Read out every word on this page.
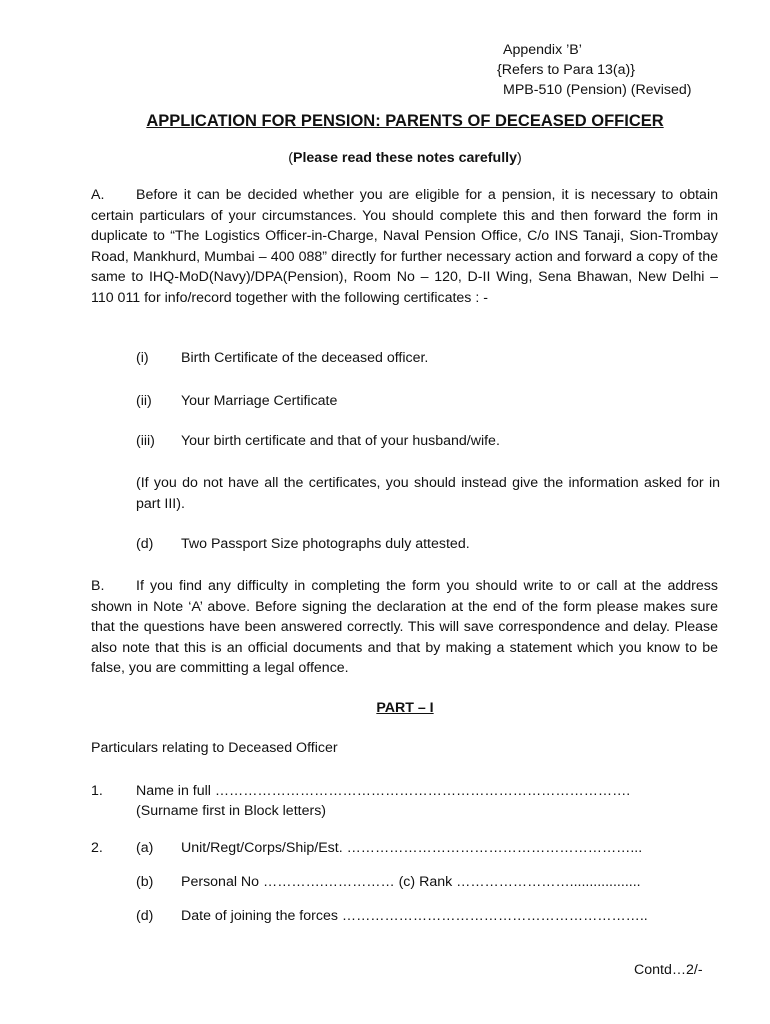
Appendix ’B’
{Refers to Para 13(a)}
MPB-510 (Pension) (Revised)
APPLICATION FOR PENSION: PARENTS OF DECEASED OFFICER
(Please read these notes carefully)
A. Before it can be decided whether you are eligible for a pension, it is necessary to obtain certain particulars of your circumstances. You should complete this and then forward the form in duplicate to “The Logistics Officer-in-Charge, Naval Pension Office, C/o INS Tanaji, Sion-Trombay Road, Mankhurd, Mumbai – 400 088” directly for further necessary action and forward a copy of the same to IHQ-MoD(Navy)/DPA(Pension), Room No – 120, D-II Wing, Sena Bhawan, New Delhi – 110 011 for info/record together with the following certificates : -
(i) Birth Certificate of the deceased officer.
(ii) Your Marriage Certificate
(iii) Your birth certificate and that of your husband/wife.
(If you do not have all the certificates, you should instead give the information asked for in part III).
(d) Two Passport Size photographs duly attested.
B. If you find any difficulty in completing the form you should write to or call at the address shown in Note ‘A’ above. Before signing the declaration at the end of the form please makes sure that the questions have been answered correctly. This will save correspondence and delay. Please also note that this is an official documents and that by making a statement which you know to be false, you are committing a legal offence.
PART – I
Particulars relating to Deceased Officer
1. Name in full …………………………………………………………………………….
(Surname first in Block letters)
2. (a) Unit/Regt/Corps/Ship/Est. ……………………………………………………...
(b) Personal No ………….…………… (c) Rank ……………………..................
(d) Date of joining the forces ………………………………………………………..
Contd…2/-
